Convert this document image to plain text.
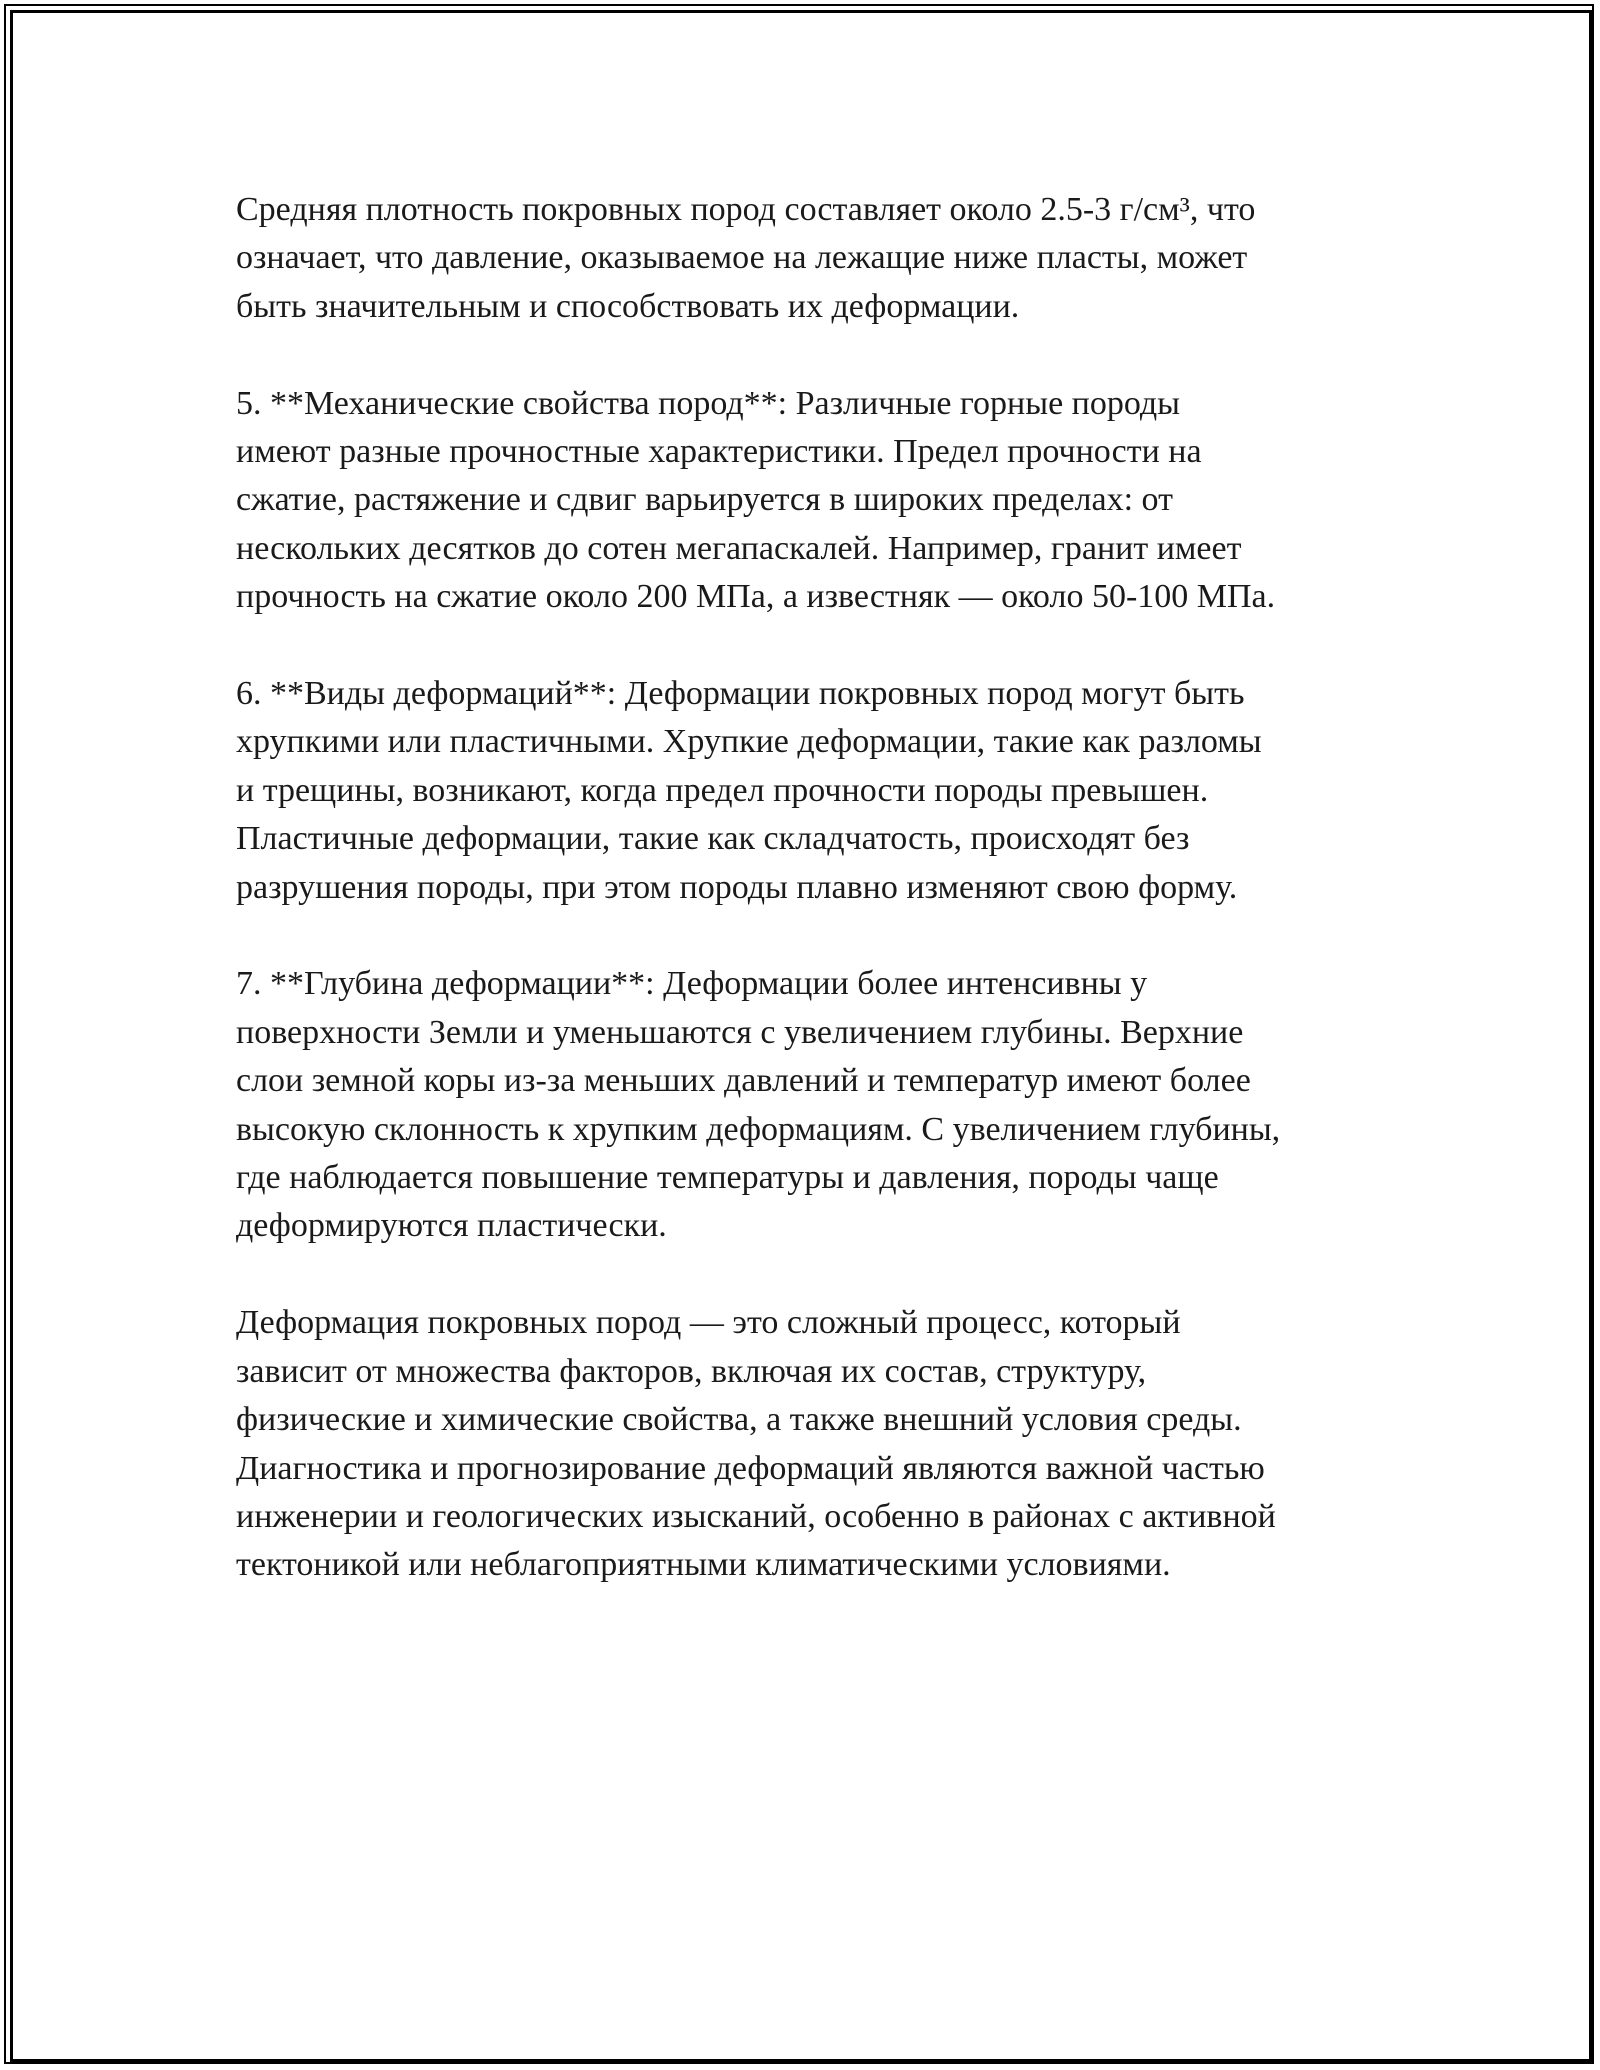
Средняя плотность покровных пород составляет около 2.5-3 г/см³, что
означает, что давление, оказываемое на лежащие ниже пласты, может
быть значительным и способствовать их деформации.

5. **Механические свойства пород**: Различные горные породы
имеют разные прочностные характеристики. Предел прочности на
сжатие, растяжение и сдвиг варьируется в широких пределах: от
нескольких десятков до сотен мегапаскалей. Например, гранит имеет
прочность на сжатие около 200 МПа, а известняк — около 50-100 МПа.

6. **Виды деформаций**: Деформации покровных пород могут быть
хрупкими или пластичными. Хрупкие деформации, такие как разломы
и трещины, возникают, когда предел прочности породы превышен.
Пластичные деформации, такие как складчатость, происходят без
разрушения породы, при этом породы плавно изменяют свою форму.

7. **Глубина деформации**: Деформации более интенсивны у
поверхности Земли и уменьшаются с увеличением глубины. Верхние
слои земной коры из-за меньших давлений и температур имеют более
высокую склонность к хрупким деформациям. С увеличением глубины,
где наблюдается повышение температуры и давления, породы чаще
деформируются пластически.

Деформация покровных пород — это сложный процесс, который
зависит от множества факторов, включая их состав, структуру,
физические и химические свойства, а также внешний условия среды.
Диагностика и прогнозирование деформаций являются важной частью
инженерии и геологических изысканий, особенно в районах с активной
тектоникой или неблагоприятными климатическими условиями.
